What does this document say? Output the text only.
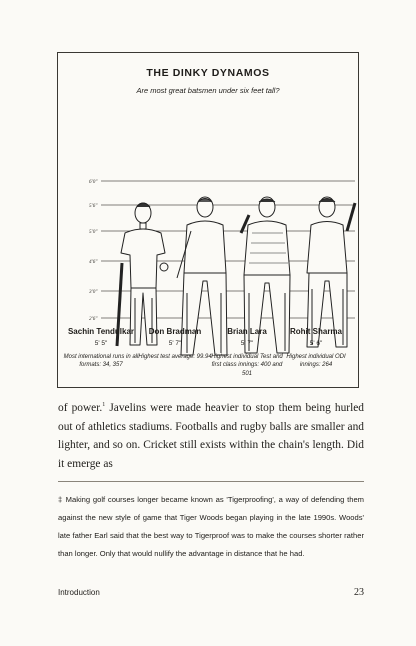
THE DINKY DYNAMOS
Are most great batsmen under six feet tall?
6'0"
5'6"
5'0"
4'6"
3'0"
2'6"
Sachin Tendulkar
5' 5"
Most international runs in all formats: 34, 357
Don Bradman
5' 7"
Highest test average: 99.94
Brian Lara
5' 7"
Highest individual Test and first class innings: 400 and 501
Rohit Sharma
5' 6"
Highest individual ODI innings: 264

of power.$^1$ Javelins were made heavier to stop them being hurled out of athletics stadiums. Footballs and rugby balls are smaller and lighter, and so on. Cricket still exists within the chain's length. Did it emerge as

‡ Making golf courses longer became known as 'Tigerproofing', a way of defending them against the new style of game that Tiger Woods began playing in the late 1990s. Woods' late father Earl said that the best way to Tigerproof was to make the courses shorter rather than longer. Only that would nullify the advantage in distance that he had.

Introduction	23
